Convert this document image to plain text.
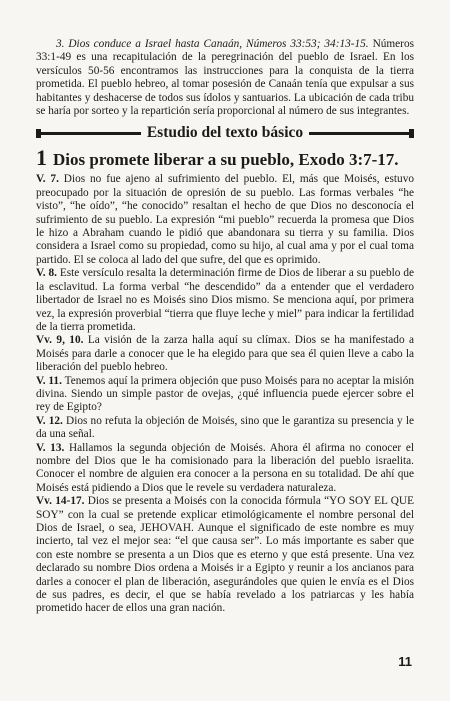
3. Dios conduce a Israel hasta Canaán, Números 33:53; 34:13-15. Números 33:1-49 es una recapitulación de la peregrinación del pueblo de Israel. En los versículos 50-56 encontramos las instrucciones para la conquista de la tierra prometida. El pueblo hebreo, al tomar posesión de Canaán tenía que expulsar a sus habitantes y deshacerse de todos sus ídolos y santuarios. La ubicación de cada tribu se haría por sorteo y la repartición sería proporcional al número de sus integrantes.

Estudio del texto básico
1 Dios promete liberar a su pueblo, Exodo 3:7-17.

V. 7. Dios no fue ajeno al sufrimiento del pueblo. El, más que Moisés, estuvo preocupado por la situación de opresión de su pueblo. Las formas verbales “he visto”, “he oído”, “he conocido” resaltan el hecho de que Dios no desconocía el sufrimiento de su pueblo. La expresión “mi pueblo” recuerda la promesa que Dios le hizo a Abraham cuando le pidió que abandonara su tierra y su familia. Dios considera a Israel como su propiedad, como su hijo, al cual ama y por el cual toma partido. El se coloca al lado del que sufre, del que es oprimido.

V. 8. Este versículo resalta la determinación firme de Dios de liberar a su pueblo de la esclavitud. La forma verbal “he descendido” da a entender que el verdadero libertador de Israel no es Moisés sino Dios mismo. Se menciona aquí, por primera vez, la expresión proverbial “tierra que fluye leche y miel” para indicar la fertilidad de la tierra prometida.

Vv. 9, 10. La visión de la zarza halla aquí su clímax. Dios se ha manifestado a Moisés para darle a conocer que le ha elegido para que sea él quien lleve a cabo la liberación del pueblo hebreo.

V. 11. Tenemos aquí la primera objeción que puso Moisés para no aceptar la misión divina. Siendo un simple pastor de ovejas, ¿qué influencia puede ejercer sobre el rey de Egipto?

V. 12. Dios no refuta la objeción de Moisés, sino que le garantiza su presencia y le da una señal.

V. 13. Hallamos la segunda objeción de Moisés. Ahora él afirma no conocer el nombre del Dios que le ha comisionado para la liberación del pueblo israelita. Conocer el nombre de alguien era conocer a la persona en su totalidad. De ahí que Moisés está pidiendo a Dios que le revele su verdadera naturaleza.

Vv. 14-17. Dios se presenta a Moisés con la conocida fórmula “YO SOY EL QUE SOY” con la cual se pretende explicar etimológicamente el nombre personal del Dios de Israel, o sea, JEHOVAH. Aunque el significado de este nombre es muy incierto, tal vez el mejor sea: “el que causa ser”. Lo más importante es saber que con este nombre se presenta a un Dios que es eterno y que está presente. Una vez declarado su nombre Dios ordena a Moisés ir a Egipto y reunir a los ancianos para darles a conocer el plan de liberación, asegurándoles que quien le envía es el Dios de sus padres, es decir, el que se había revelado a los patriarcas y les había prometido hacer de ellos una gran nación.

11
